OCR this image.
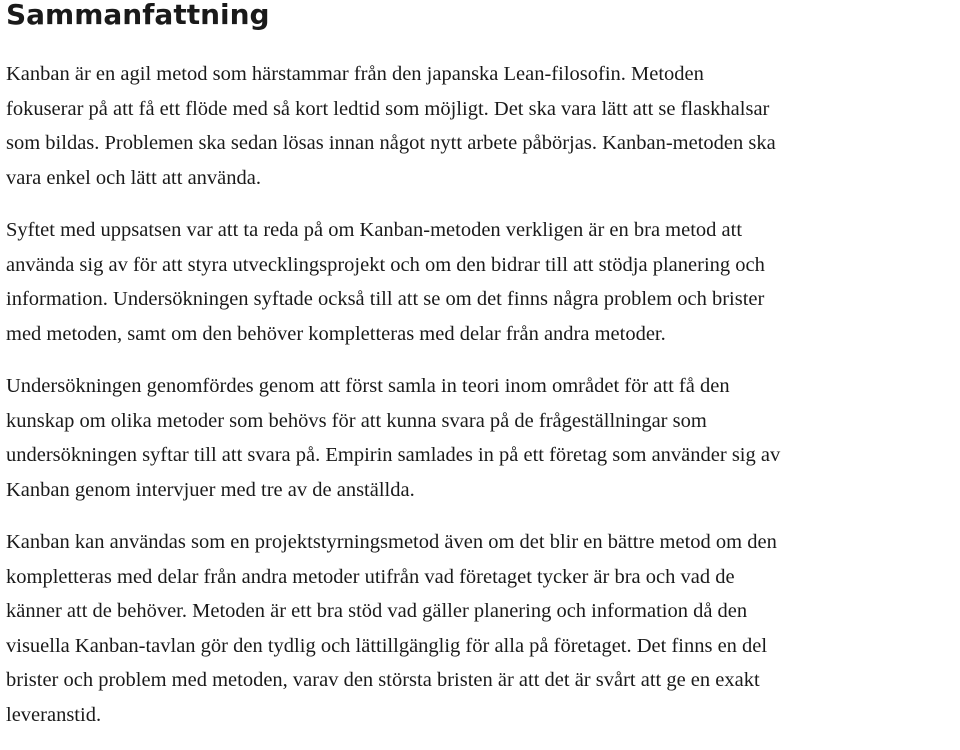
Sammanfattning

Kanban är en agil metod som härstammar från den japanska Lean-filosofin. Metoden
fokuserar på att få ett flöde med så kort ledtid som möjligt. Det ska vara lätt att se flaskhalsar
som bildas. Problemen ska sedan lösas innan något nytt arbete påbörjas. Kanban-metoden ska
vara enkel och lätt att använda.

Syftet med uppsatsen var att ta reda på om Kanban-metoden verkligen är en bra metod att
använda sig av för att styra utvecklingsprojekt och om den bidrar till att stödja planering och
information. Undersökningen syftade också till att se om det finns några problem och brister
med metoden, samt om den behöver kompletteras med delar från andra metoder.

Undersökningen genomfördes genom att först samla in teori inom området för att få den
kunskap om olika metoder som behövs för att kunna svara på de frågeställningar som
undersökningen syftar till att svara på. Empirin samlades in på ett företag som använder sig av
Kanban genom intervjuer med tre av de anställda.

Kanban kan användas som en projektstyrningsmetod även om det blir en bättre metod om den
kompletteras med delar från andra metoder utifrån vad företaget tycker är bra och vad de
känner att de behöver. Metoden är ett bra stöd vad gäller planering och information då den
visuella Kanban-tavlan gör den tydlig och lättillgänglig för alla på företaget. Det finns en del
brister och problem med metoden, varav den största bristen är att det är svårt att ge en exakt
leveranstid.
